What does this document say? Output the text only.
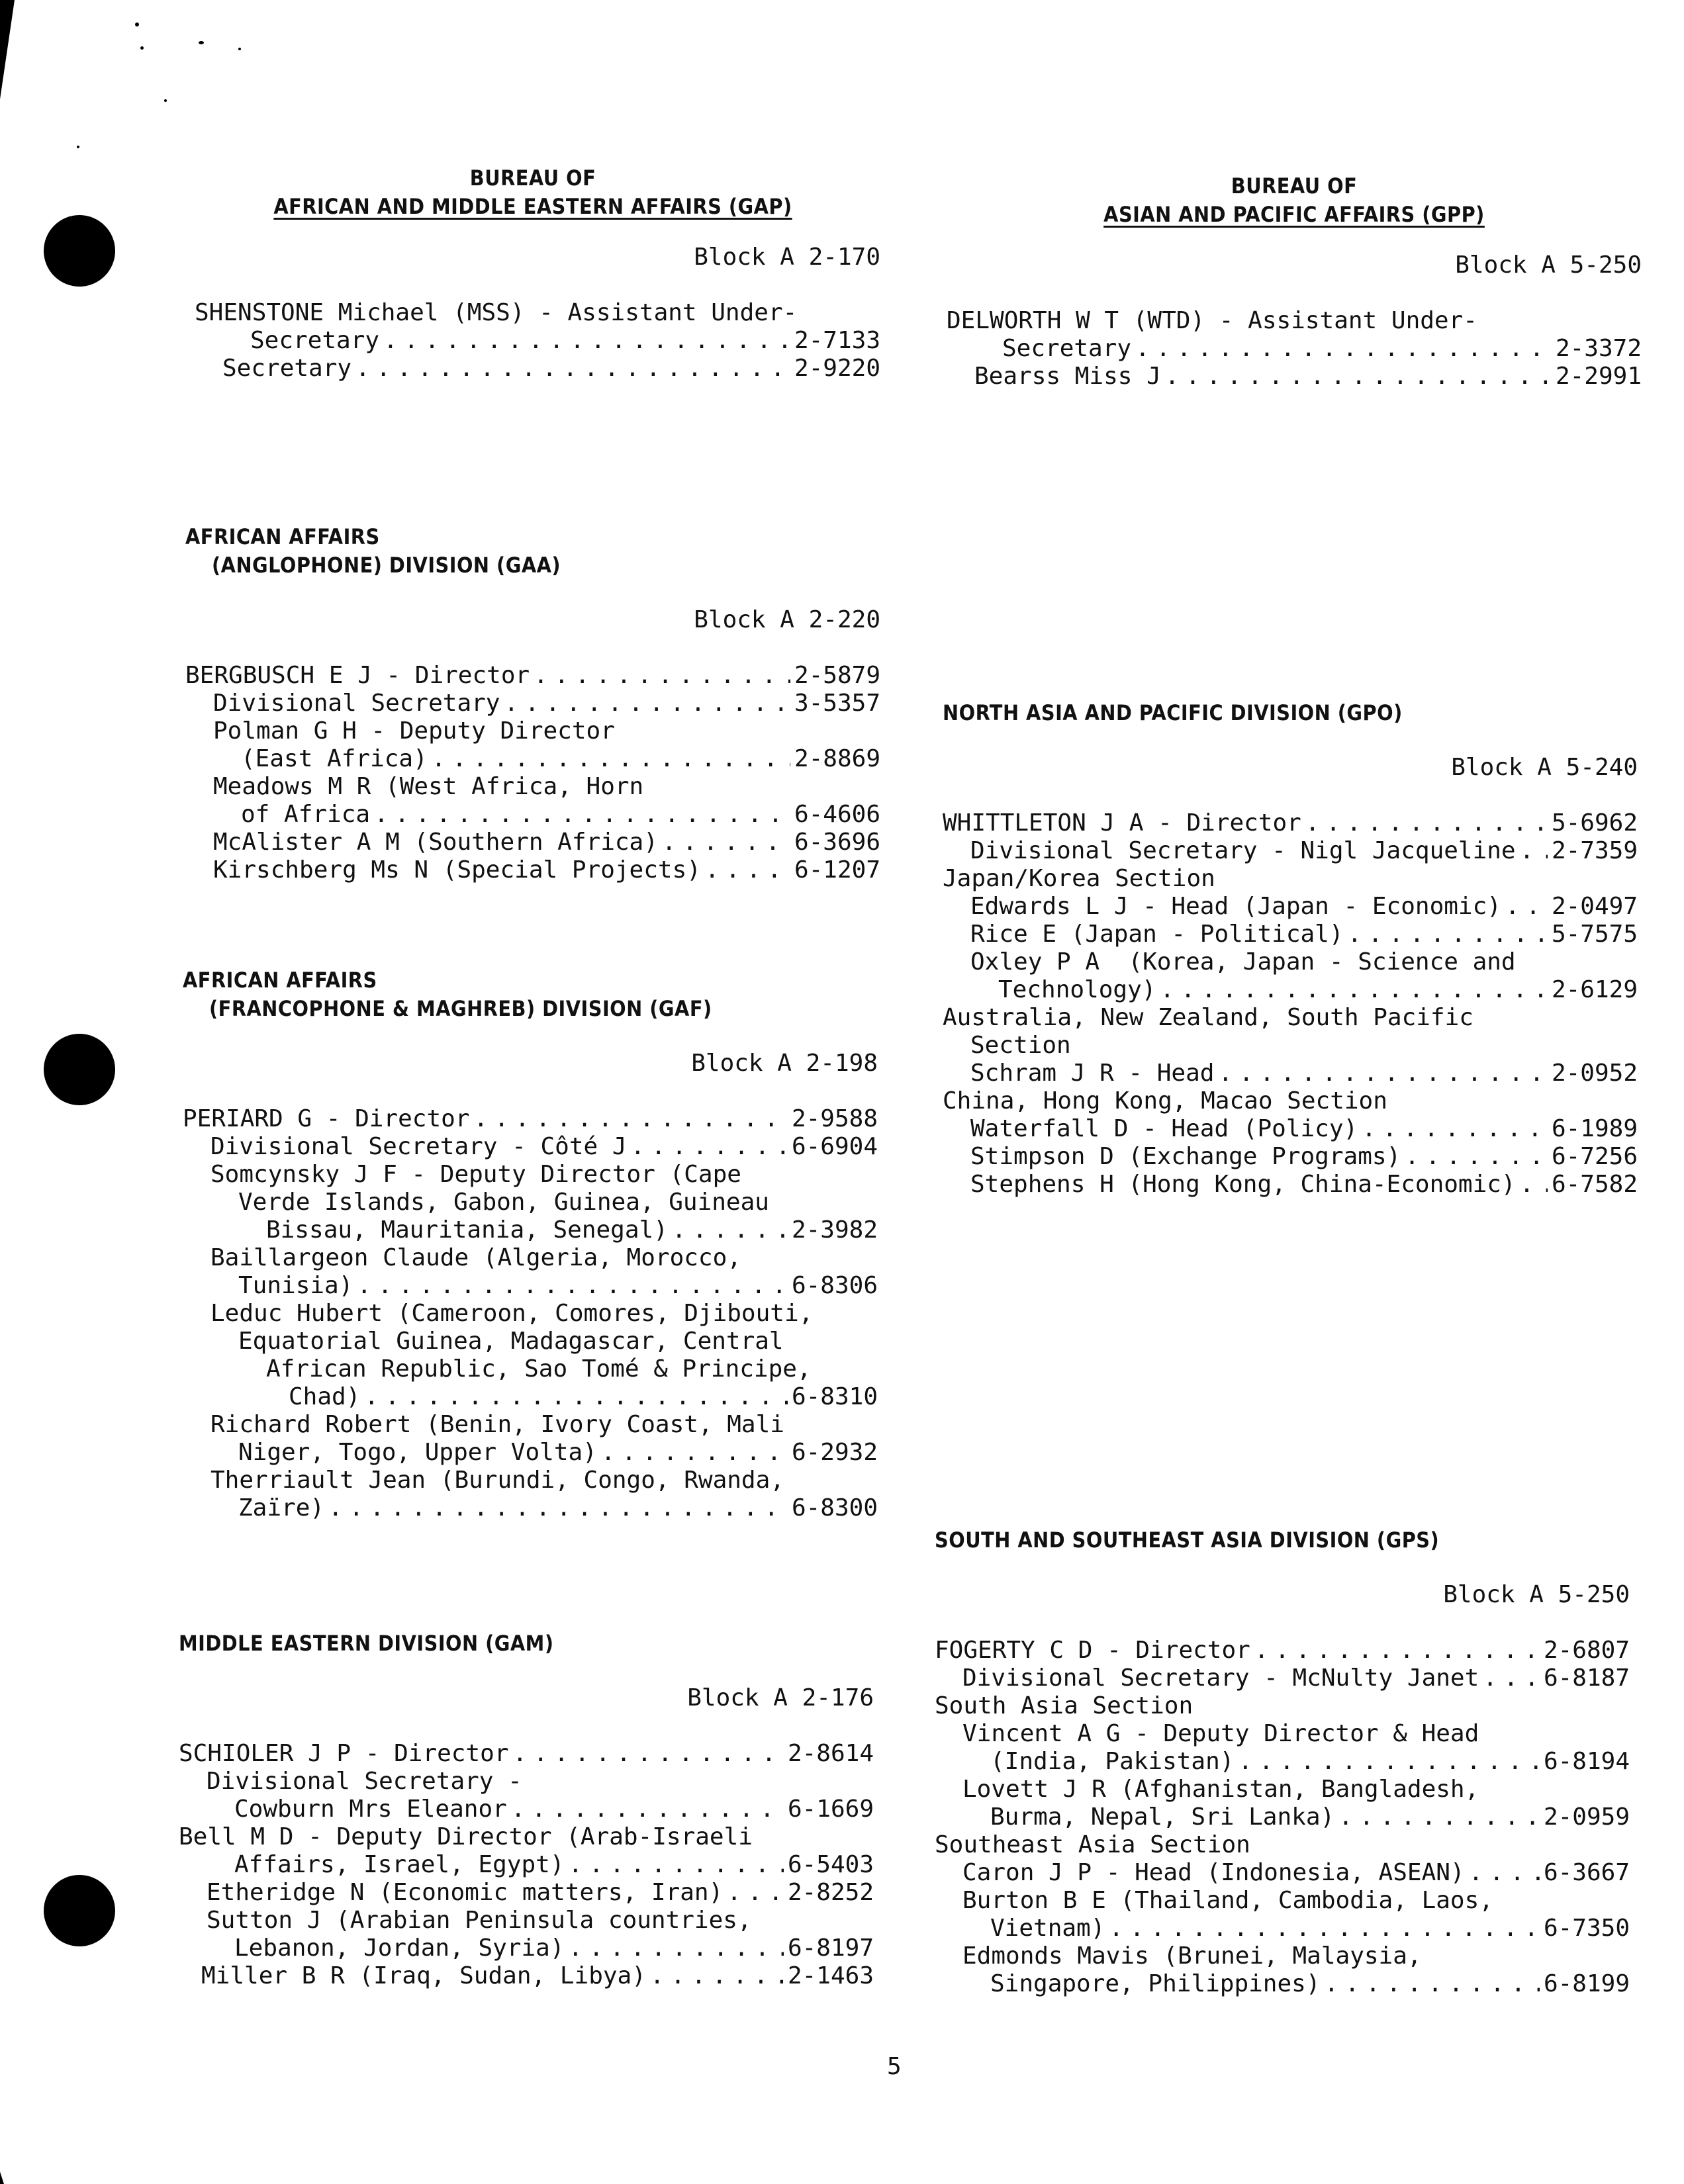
BUREAU OF
AFRICAN AND MIDDLE EASTERN AFFAIRS (GAP)
Block A 2-170
SHENSTONE Michael (MSS) - Assistant Under-
Secretary . . .	2-7133
Secretary . . .	2-9220
AFRICAN AFFAIRS
(ANGLOPHONE) DIVISION (GAA)
Block A 2-220
BERGBUSCH E J - Director . . .	2-5879
Divisional Secretary . . .	3-5357
Polman G H - Deputy Director
(East Africa) . . .	2-8869
Meadows M R (West Africa, Horn
of Africa . . .	6-4606
McAlister A M (Southern Africa) . . .	6-3696
Kirschberg Ms N (Special Projects) . . .	6-1207
AFRICAN AFFAIRS
(FRANCOPHONE & MAGHREB) DIVISION (GAF)
Block A 2-198
PERIARD G - Director . . .	2-9588
Divisional Secretary - Côté J . . .	6-6904
Somcynsky J F - Deputy Director (Cape
Verde Islands, Gabon, Guinea, Guineau
Bissau, Mauritania, Senegal) . . .	2-3982
Baillargeon Claude (Algeria, Morocco,
Tunisia) . . .	6-8306
Leduc Hubert (Cameroon, Comores, Djibouti,
Equatorial Guinea, Madagascar, Central
African Republic, Sao Tomé & Principe,
Chad) . . .	6-8310
Richard Robert (Benin, Ivory Coast, Mali
Niger, Togo, Upper Volta) . . .	6-2932
Therriault Jean (Burundi, Congo, Rwanda,
Zaïre) . . .	6-8300
MIDDLE EASTERN DIVISION (GAM)
Block A 2-176
SCHIOLER J P - Director . . .	2-8614
Divisional Secretary -
Cowburn Mrs Eleanor . . .	6-1669
Bell M D - Deputy Director (Arab-Israeli
Affairs, Israel, Egypt) . . .	6-5403
Etheridge N (Economic matters, Iran) . . .	2-8252
Sutton J (Arabian Peninsula countries,
Lebanon, Jordan, Syria) . . .	6-8197
Miller B R (Iraq, Sudan, Libya) . . .	2-1463
BUREAU OF
ASIAN AND PACIFIC AFFAIRS (GPP)
Block A 5-250
DELWORTH W T (WTD) - Assistant Under-
Secretary . . .	2-3372
Bearss Miss J . . .	2-2991
NORTH ASIA AND PACIFIC DIVISION (GPO)
Block A 5-240
WHITTLETON J A - Director . . .	5-6962
Divisional Secretary - Nigl Jacqueline . . . 2-7359
Japan/Korea Section
Edwards L J - Head (Japan - Economic) . . . 2-0497
Rice E (Japan - Political) . . .	5-7575
Oxley P A  (Korea, Japan - Science and
Technology) . . .	2-6129
Australia, New Zealand, South Pacific
Section
Schram J R - Head . . .	2-0952
China, Hong Kong, Macao Section
Waterfall D - Head (Policy) . . .	6-1989
Stimpson D (Exchange Programs) . . .	6-7256
Stephens H (Hong Kong, China-Economic) . . . 6-7582
SOUTH AND SOUTHEAST ASIA DIVISION (GPS)
Block A 5-250
FOGERTY C D - Director . . .	2-6807
Divisional Secretary - McNulty Janet . . .	6-8187
South Asia Section
Vincent A G - Deputy Director & Head
(India, Pakistan) . . .	6-8194
Lovett J R (Afghanistan, Bangladesh,
Burma, Nepal, Sri Lanka) . . .	2-0959
Southeast Asia Section
Caron J P - Head (Indonesia, ASEAN) . . .	6-3667
Burton B E (Thailand, Cambodia, Laos,
Vietnam) . . .	6-7350
Edmonds Mavis (Brunei, Malaysia,
Singapore, Philippines) . . .	6-8199
5
